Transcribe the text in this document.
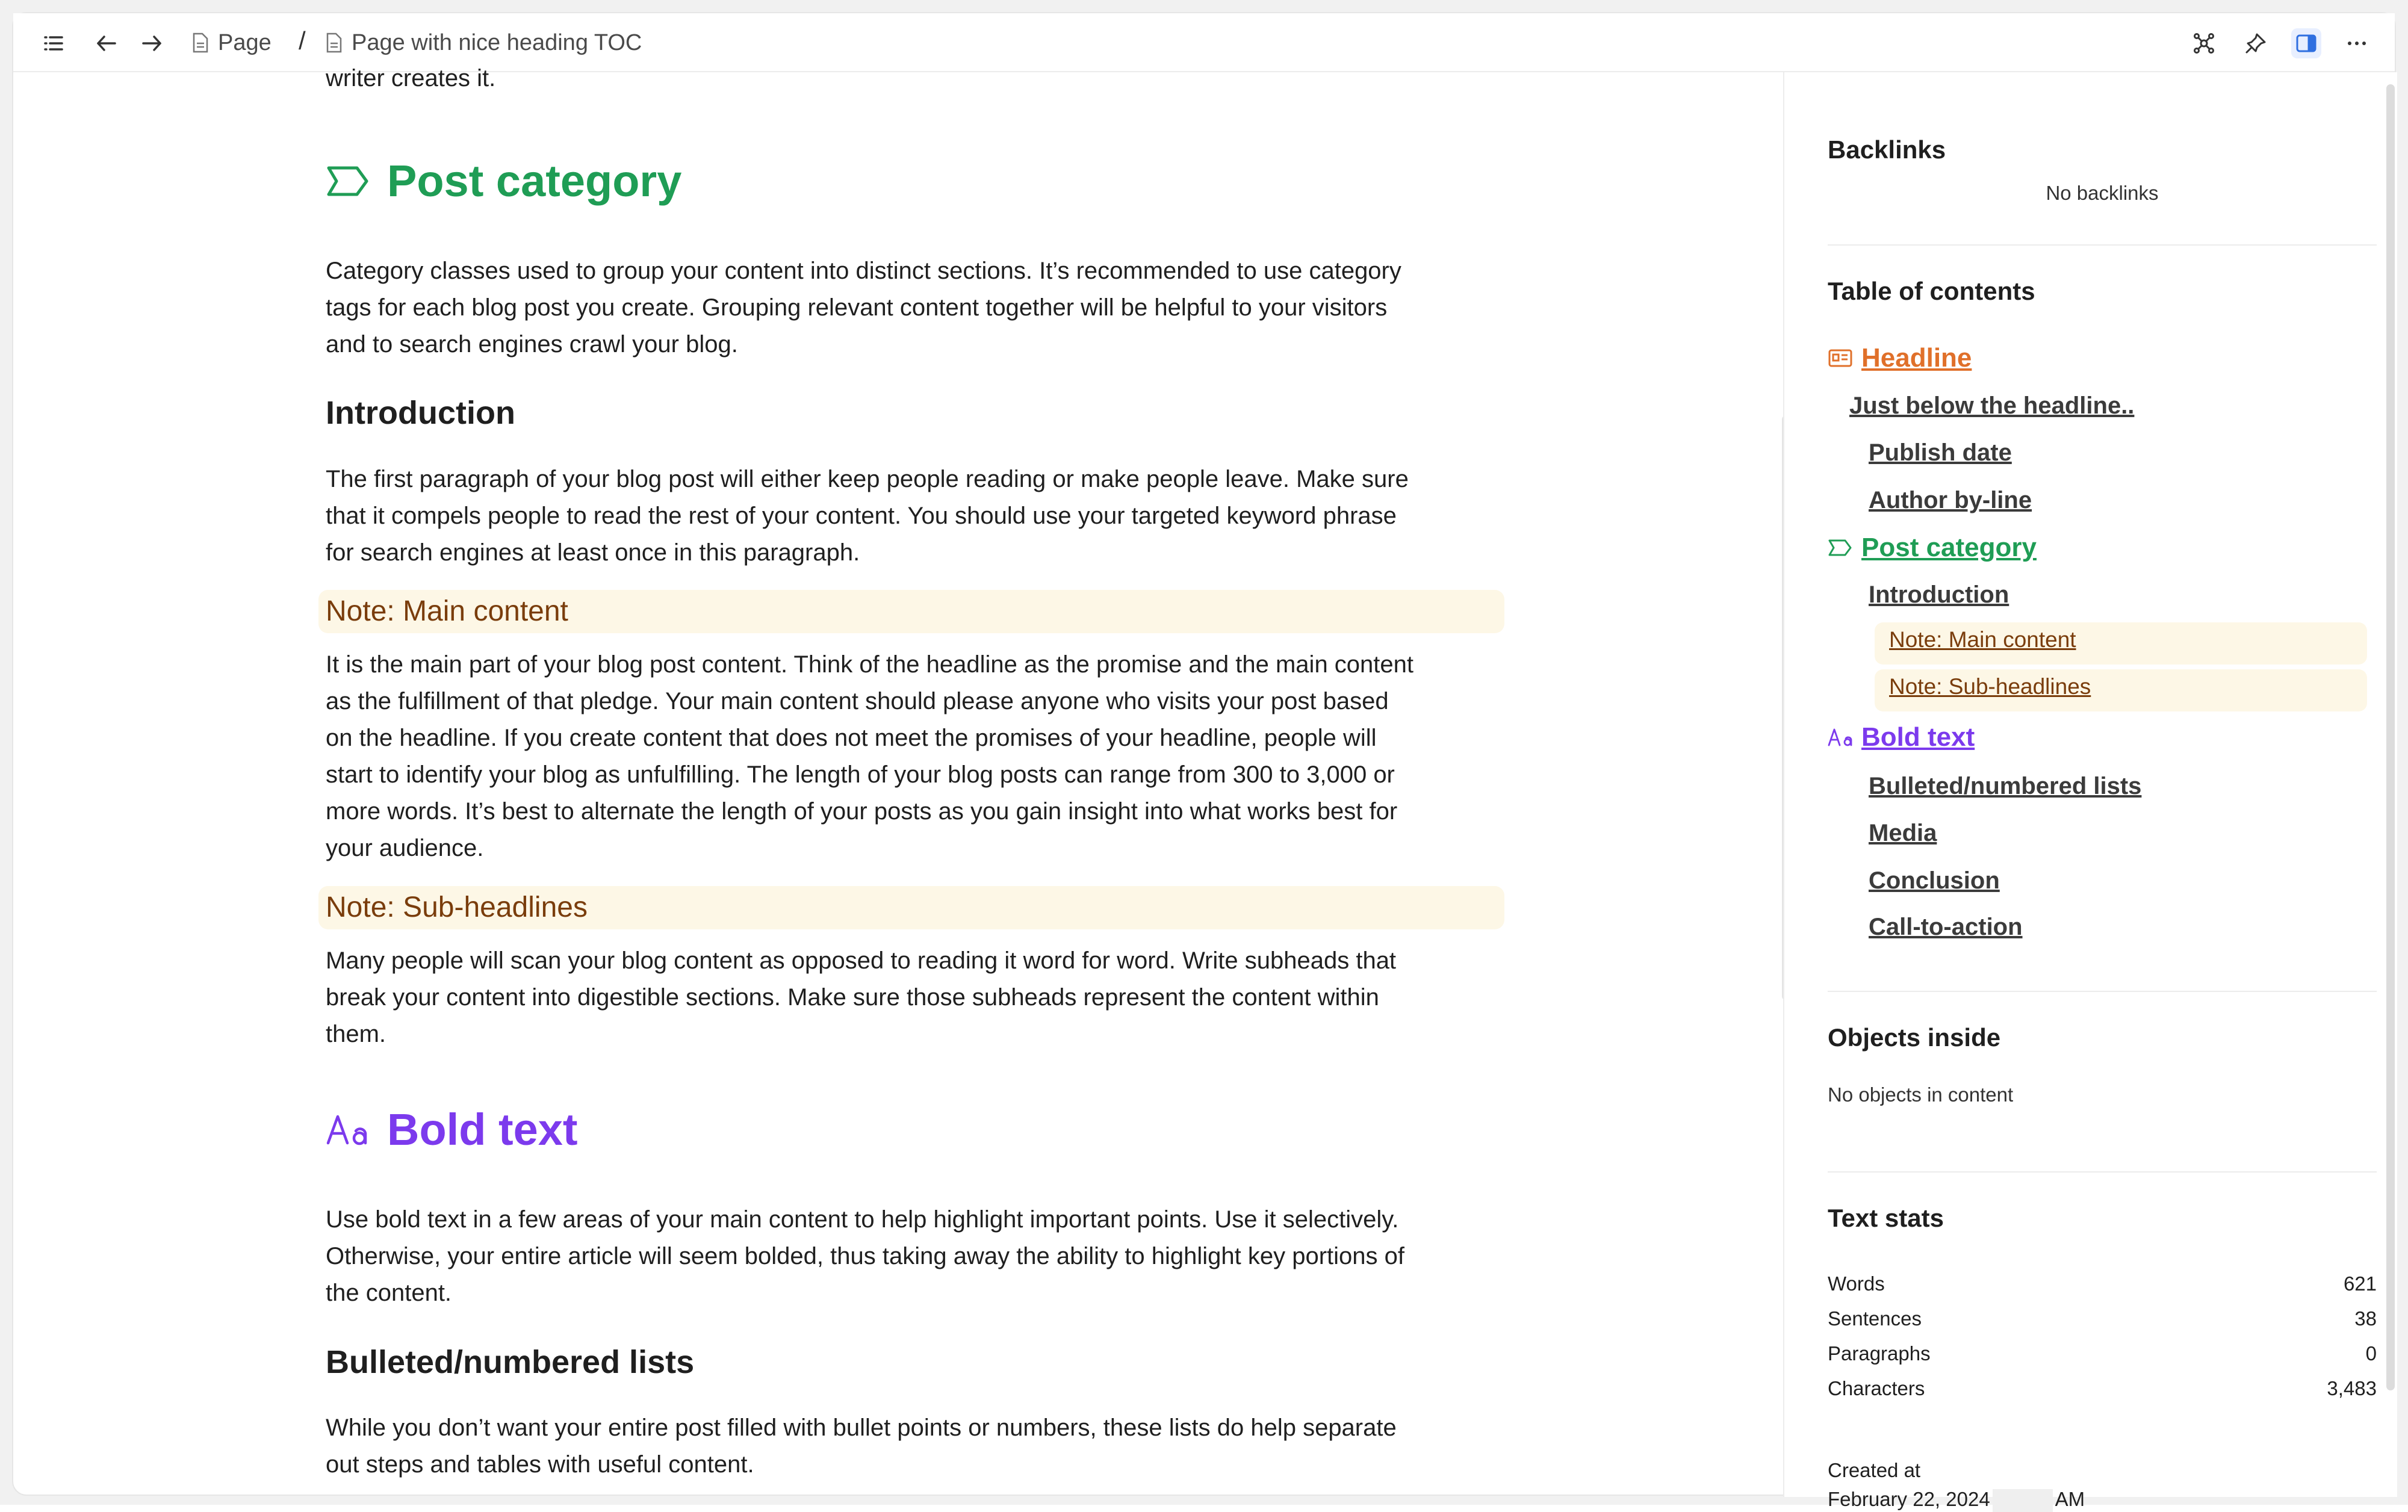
Page / Page with nice heading TOC
writer creates it.
Post category
Category classes used to group your content into distinct sections. It’s recommended to use category
tags for each blog post you create. Grouping relevant content together will be helpful to your visitors
and to search engines crawl your blog.
Introduction
The first paragraph of your blog post will either keep people reading or make people leave. Make sure
that it compels people to read the rest of your content. You should use your targeted keyword phrase
for search engines at least once in this paragraph.
Note: Main content
It is the main part of your blog post content. Think of the headline as the promise and the main content
as the fulfillment of that pledge. Your main content should please anyone who visits your post based
on the headline. If you create content that does not meet the promises of your headline, people will
start to identify your blog as unfulfilling. The length of your blog posts can range from 300 to 3,000 or
more words. It’s best to alternate the length of your posts as you gain insight into what works best for
your audience.
Note: Sub-headlines
Many people will scan your blog content as opposed to reading it word for word. Write subheads that
break your content into digestible sections. Make sure those subheads represent the content within
them.
Bold text
Use bold text in a few areas of your main content to help highlight important points. Use it selectively.
Otherwise, your entire article will seem bolded, thus taking away the ability to highlight key portions of
the content.
Bulleted/numbered lists
While you don’t want your entire post filled with bullet points or numbers, these lists do help separate
out steps and tables with useful content.
Backlinks
No backlinks
Table of contents
Headline
Just below the headline..
Publish date
Author by-line
Post category
Introduction
Note: Main content
Note: Sub-headlines
Bold text
Bulleted/numbered lists
Media
Conclusion
Call-to-action
Objects inside
No objects in content
Text stats
Words	621
Sentences	38
Paragraphs	0
Characters	3,483
Created at
February 22, 2024	AM
